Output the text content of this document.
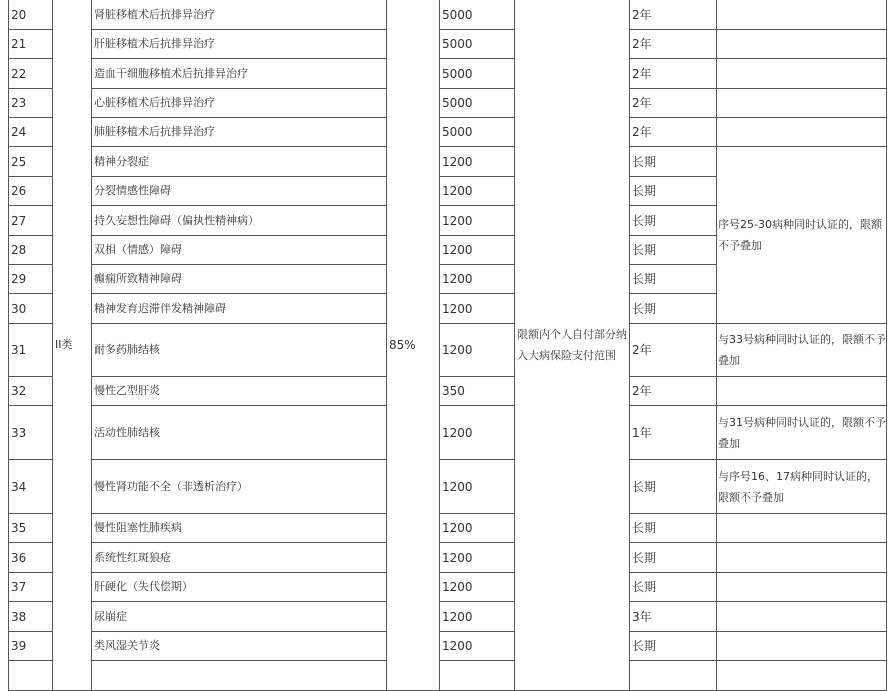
20	II类	肾脏移植术后抗排异治疗	85%	5000	限额内个人自付部分纳入大病保险支付范围	2年	
21		肝脏移植术后抗排异治疗		5000		2年	
22		造血干细胞移植术后抗排异治疗		5000		2年	
23		心脏移植术后抗排异治疗		5000		2年	
24		肺脏移植术后抗排异治疗		5000		2年	
25		精神分裂症		1200		长期	序号25-30病种同时认证的，限额不予叠加
26		分裂情感性障碍		1200		长期	
27		持久妄想性障碍（偏执性精神病）		1200		长期	
28		双相（情感）障碍		1200		长期	
29		癫痫所致精神障碍		1200		长期	
30		精神发育迟滞伴发精神障碍		1200		长期	
31		耐多药肺结核		1200		2年	与33号病种同时认证的，限额不予叠加
32		慢性乙型肝炎		350		2年	
33		活动性肺结核		1200		1年	与31号病种同时认证的，限额不予叠加
34		慢性肾功能不全（非透析治疗）		1200		长期	与序号16、17病种同时认证的，限额不予叠加
35		慢性阻塞性肺疾病		1200		长期	
36		系统性红斑狼疮		1200		长期	
37		肝硬化（失代偿期）		1200		长期	
38		尿崩症		1200		3年	
39		类风湿关节炎		1200		长期	
